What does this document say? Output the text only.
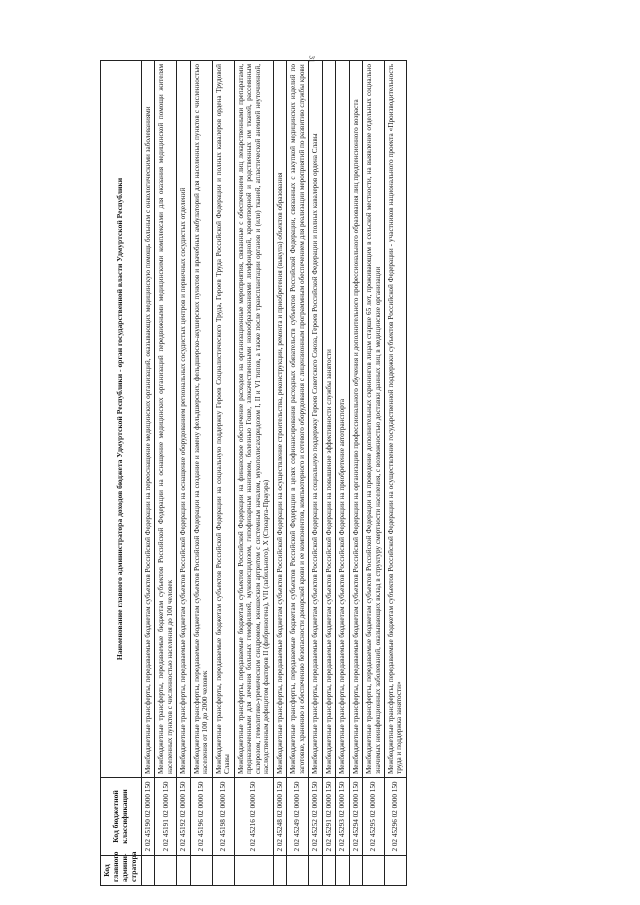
31
Код главного админи-стратора	Код бюджетной классификации	Наименование главного администратора доходов бюджета Удмуртской Республики - орган государственной власти Удмуртской Республики
	2 02 45190 02 0000 150	Межбюджетные трансферты, передаваемые бюджетам субъектов Российской Федерации на переоснащение медицинских организаций, оказывающих медицинскую помощь больным с онкологическими заболеваниями
	2 02 45191 02 0000 150	Межбюджетные трансферты, передаваемые бюджетам субъектов Российской Федерации на оснащение медицинских организаций передвижными медицинскими комплексами для оказания медицинской помощи жителям населенных пунктов с численностью населения до 100 человек
	2 02 45192 02 0000 150	Межбюджетные трансферты, передаваемые бюджетам субъектов Российской Федерации на оснащение оборудованием региональных сосудистых центров и первичных сосудистых отделений
	2 02 45196 02 0000 150	Межбюджетные трансферты, передаваемые бюджетам субъектов Российской Федерации на создание и замену фельдшерских, фельдшерско-акушерских пунктов и врачебных амбулаторий для населенных пунктов с численностью населения от 100 до 2000 человек
	2 02 45198 02 0000 150	Межбюджетные трансферты, передаваемые бюджетам субъектов Российской Федерации на социальную поддержку Героев Социалистического Труда, Героев Труда Российской Федерации и полных кавалеров ордена Трудовой Славы
	2 02 45216 02 0000 150	Межбюджетные трансферты, передаваемые бюджетам субъектов Российской Федерации на финансовое обеспечение расходов на организационные мероприятия, связанные с обеспечением лиц лекарственными препаратами, предназначенными для лечения больных гемофилией, муковисцидозом, гипофизарным нанизмом, болезнью Гоше, злокачественными новообразованиями лимфоидной, кроветворной и родственных им тканей, рассеянным склерозом, гемолитико-уремическим синдромом, юношеским артритом с системным началом, мукополисахаридозом I, II и VI типов, а также после трансплантации органов и (или) тканей, апластической анемией неуточненной, наследственным дефицитом факторов II (фибриногена), VII (лабильного), X (Стюарта-Прауэра)
	2 02 45248 02 0000 150	Межбюджетные трансферты, передаваемые бюджетам субъектов Российской Федерации на осуществление строительства, реконструкции, ремонта и приобретения (выкупа) объектов образования
	2 02 45249 02 0000 150	Межбюджетные трансферты, передаваемые бюджетам субъектов Российской Федерации в целях софинансирования расходных обязательств субъектов Российской Федерации, связанных с закупкой медицинских изделий по заготовке, хранению и обеспечению безопасности донорской крови и ее компонентов, компьютерного и сетевого оборудования с лицензионным программным обеспечением для реализации мероприятий по развитию службы крови
	2 02 45252 02 0000 150	Межбюджетные трансферты, передаваемые бюджетам субъектов Российской Федерации на социальную поддержку Героев Советского Союза, Героев Российской Федерации и полных кавалеров ордена Славы
	2 02 45291 02 0000 150	Межбюджетные трансферты, передаваемые бюджетам субъектов Российской Федерации на повышение эффективности службы занятости
	2 02 45293 02 0000 150	Межбюджетные трансферты, передаваемые бюджетам субъектов Российской Федерации на приобретение автотранспорта
	2 02 45294 02 0000 150	Межбюджетные трансферты, передаваемые бюджетам субъектов Российской Федерации на организацию профессионального обучения и дополнительного профессионального образования лиц предпенсионного возраста
	2 02 45295 02 0000 150	Межбюджетные трансферты, передаваемые бюджетам субъектов Российской Федерации на проведение дополнительных скринингов лицам старше 65 лет, проживающим в сельской местности, на выявление отдельных социально значимых неинфекционных заболеваний, оказывающих вклад в структуру смертности населения, с возможностью доставки данных лиц в медицинские организации
	2 02 45296 02 0000 150	Межбюджетные трансферты, передаваемые бюджетам субъектов Российской Федерации на осуществление государственной поддержки субъектов Российской Федерации - участников национального проекта «Производительность труда и поддержка занятости»
